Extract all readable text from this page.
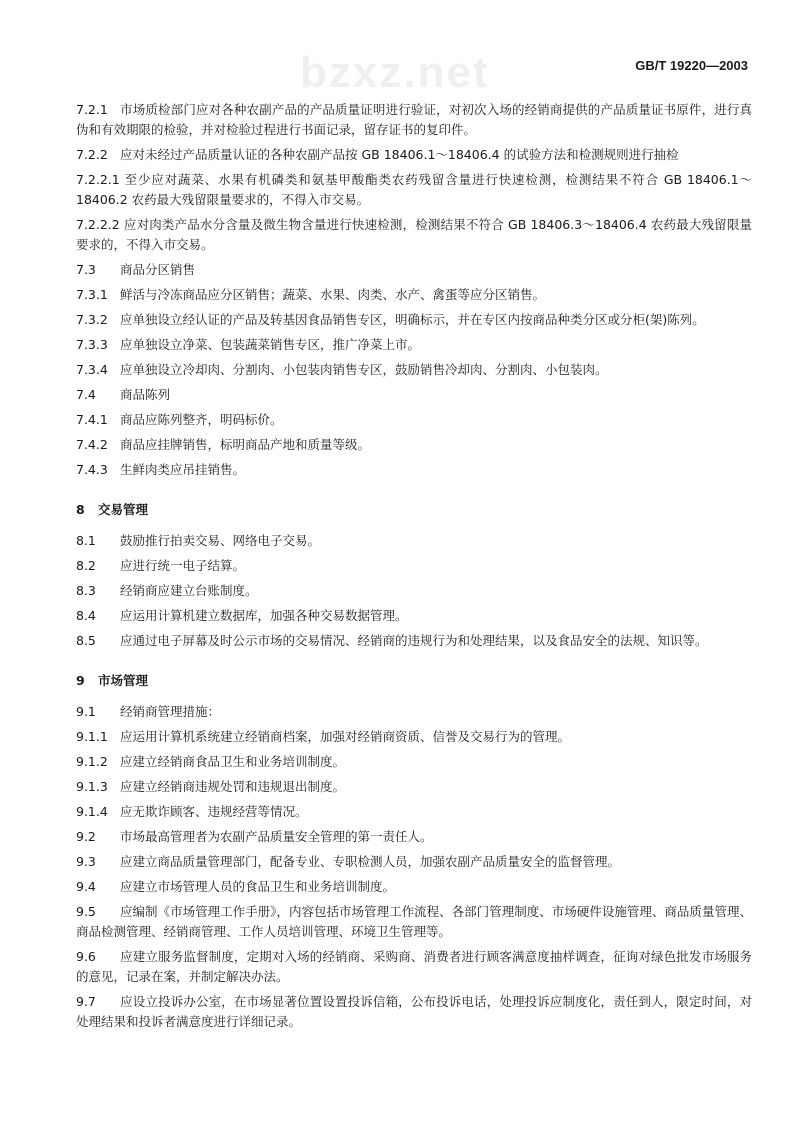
GB/T 19220—2003
bzxz.net
7.2.1 市场质检部门应对各种农副产品的产品质量证明进行验证，对初次入场的经销商提供的产品质量证书原件，进行真伪和有效期限的检验，并对检验过程进行书面记录，留存证书的复印件。
7.2.2 应对未经过产品质量认证的各种农副产品按 GB 18406.1～18406.4 的试验方法和检测规则进行抽检
7.2.2.1 至少应对蔬菜、水果有机磷类和氨基甲酸酯类农药残留含量进行快速检测，检测结果不符合 GB 18406.1～18406.2 农药最大残留限量要求的，不得入市交易。
7.2.2.2 应对肉类产品水分含量及微生物含量进行快速检测，检测结果不符合 GB 18406.3～18406.4 农药最大残留限量要求的，不得入市交易。
7.3 商品分区销售
7.3.1 鲜活与冷冻商品应分区销售；蔬菜、水果、肉类、水产、禽蛋等应分区销售。
7.3.2 应单独设立经认证的产品及转基因食品销售专区，明确标示，并在专区内按商品种类分区或分柜(架)陈列。
7.3.3 应单独设立净菜、包装蔬菜销售专区，推广净菜上市。
7.3.4 应单独设立冷却肉、分割肉、小包装肉销售专区，鼓励销售冷却肉、分割肉、小包装肉。
7.4 商品陈列
7.4.1 商品应陈列整齐，明码标价。
7.4.2 商品应挂牌销售，标明商品产地和质量等级。
7.4.3 生鲜肉类应吊挂销售。
8 交易管理
8.1 鼓励推行拍卖交易、网络电子交易。
8.2 应进行统一电子结算。
8.3 经销商应建立台账制度。
8.4 应运用计算机建立数据库，加强各种交易数据管理。
8.5 应通过电子屏幕及时公示市场的交易情况、经销商的违规行为和处理结果，以及食品安全的法规、知识等。
9 市场管理
9.1 经销商管理措施：
9.1.1 应运用计算机系统建立经销商档案，加强对经销商资质、信誉及交易行为的管理。
9.1.2 应建立经销商食品卫生和业务培训制度。
9.1.3 应建立经销商违规处罚和违规退出制度。
9.1.4 应无欺诈顾客、违规经营等情况。
9.2 市场最高管理者为农副产品质量安全管理的第一责任人。
9.3 应建立商品质量管理部门，配备专业、专职检测人员，加强农副产品质量安全的监督管理。
9.4 应建立市场管理人员的食品卫生和业务培训制度。
9.5 应编制《市场管理工作手册》，内容包括市场管理工作流程、各部门管理制度、市场硬件设施管理、商品质量管理、商品检测管理、经销商管理、工作人员培训管理、环境卫生管理等。
9.6 应建立服务监督制度，定期对入场的经销商、采购商、消费者进行顾客满意度抽样调查，征询对绿色批发市场服务的意见，记录在案，并制定解决办法。
9.7 应设立投诉办公室，在市场显著位置设置投诉信箱，公布投诉电话，处理投诉应制度化，责任到人，限定时间，对处理结果和投诉者满意度进行详细记录。
